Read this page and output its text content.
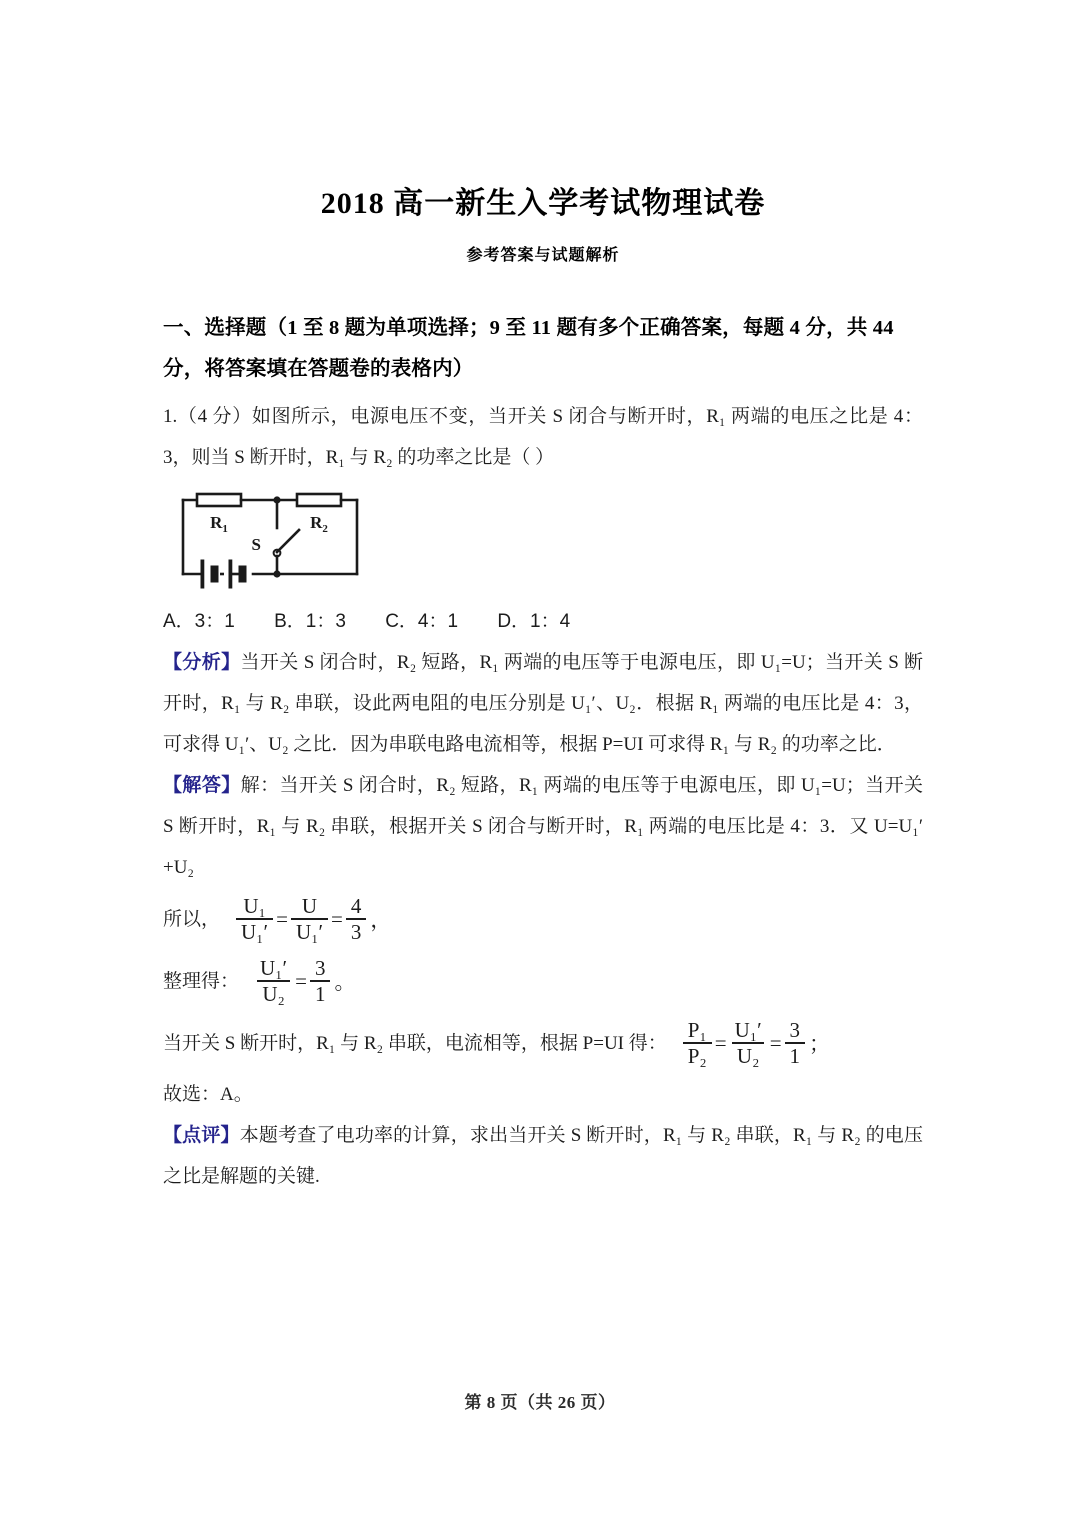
2018 高一新生入学考试物理试卷
参考答案与试题解析
一、选择题（1 至 8 题为单项选择；9 至 11 题有多个正确答案，每题 4 分，共 44 分，将答案填在答题卷的表格内）

1.（4 分）如图所示，电源电压不变，当开关 S 闭合与断开时，R₁ 两端的电压之比是 4：3，则当 S 断开时，R₁ 与 R₂ 的功率之比是（ ）

$R_1$	$R_2$
S
A．3：1 B．1：3 C．4：1 D．1：4

【分析】当开关 S 闭合时，R₂ 短路，R₁ 两端的电压等于电源电压，即 U₁=U；当开关 S 断开时，R₁ 与 R₂ 串联，设此两电阻的电压分别是 U₁′、U₂．根据 R₁ 两端的电压比是 4：3，可求得 U₁′、U₂ 之比．因为串联电路电流相等，根据 P=UI 可求得 R₁ 与 R₂ 的功率之比．

【解答】解：当开关 S 闭合时，R₂ 短路，R₁ 两端的电压等于电源电压，即 U₁=U；当开关 S 断开时，R₁ 与 R₂ 串联，根据开关 S 闭合与断开时，R₁ 两端的电压比是 4：3．又 U=U₁′+U₂

所以， $\frac{\text{U₁}}{\text{U₁′}} = \frac{U}{\text{U₁′}} = \frac{4}{3}$ ，
整理得： $\frac{\text{U₁′}}{\text{U₂}} = \frac{3}{1}$ 。
当开关 S 断开时，R₁ 与 R₂ 串联，电流相等，根据 P=UI 得： $\frac{\text{P₁}}{\text{P₂}} = \frac{\text{U₁′}}{\text{U₂}} = \frac{3}{1}$ ；

故选：A。

【点评】本题考查了电功率的计算，求出当开关 S 断开时，R₁ 与 R₂ 串联，R₁ 与 R₂ 的电压之比是解题的关键.

第 8 页（共 26 页）
